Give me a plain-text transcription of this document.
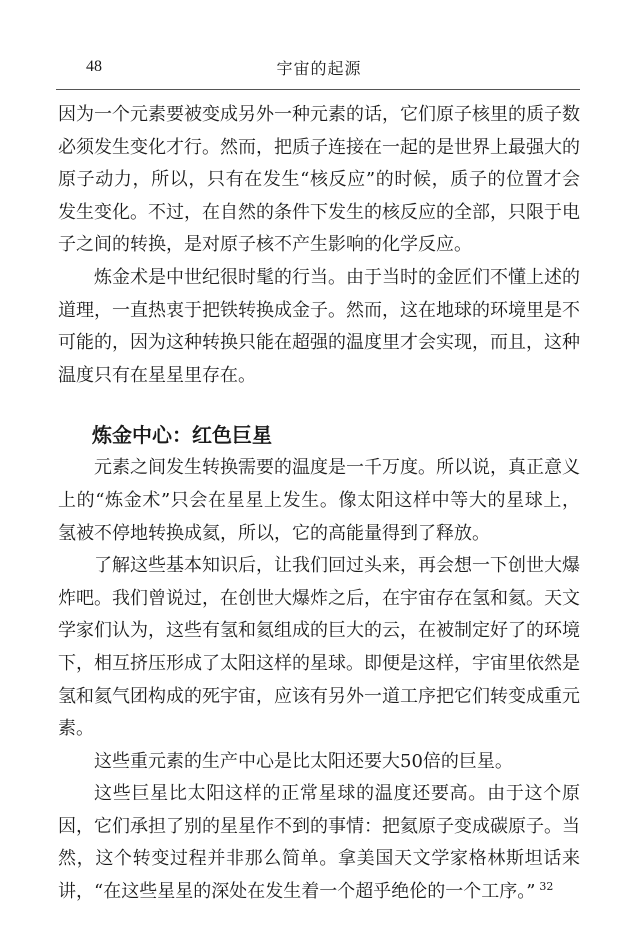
48	宇宙的起源

因为一个元素要被变成另外一种元素的话，它们原子核里的质子数必须发生变化才行。然而，把质子连接在一起的是世界上最强大的原子动力，所以，只有在发生“核反应”的时候，质子的位置才会发生变化。不过，在自然的条件下发生的核反应的全部，只限于电子之间的转换，是对原子核不产生影响的化学反应。

炼金术是中世纪很时髦的行当。由于当时的金匠们不懂上述的道理，一直热衷于把铁转换成金子。然而，这在地球的环境里是不可能的，因为这种转换只能在超强的温度里才会实现，而且，这种温度只有在星星里存在。

炼金中心：红色巨星

元素之间发生转换需要的温度是一千万度。所以说，真正意义上的“炼金术”只会在星星上发生。像太阳这样中等大的星球上，氢被不停地转换成氦，所以，它的高能量得到了释放。

了解这些基本知识后，让我们回过头来，再会想一下创世大爆炸吧。我们曾说过，在创世大爆炸之后，在宇宙存在氢和氦。天文学家们认为，这些有氢和氦组成的巨大的云，在被制定好了的环境下，相互挤压形成了太阳这样的星球。即便是这样，宇宙里依然是氢和氦气团构成的死宇宙，应该有另外一道工序把它们转变成重元素。

这些重元素的生产中心是比太阳还要大50倍的巨星。

这些巨星比太阳这样的正常星球的温度还要高。由于这个原因，它们承担了别的星星作不到的事情：把氦原子变成碳原子。当然，这个转变过程并非那么简单。拿美国天文学家格林斯坦话来讲，“在这些星星的深处在发生着一个超乎绝伦的一个工序。” $^{32}$
